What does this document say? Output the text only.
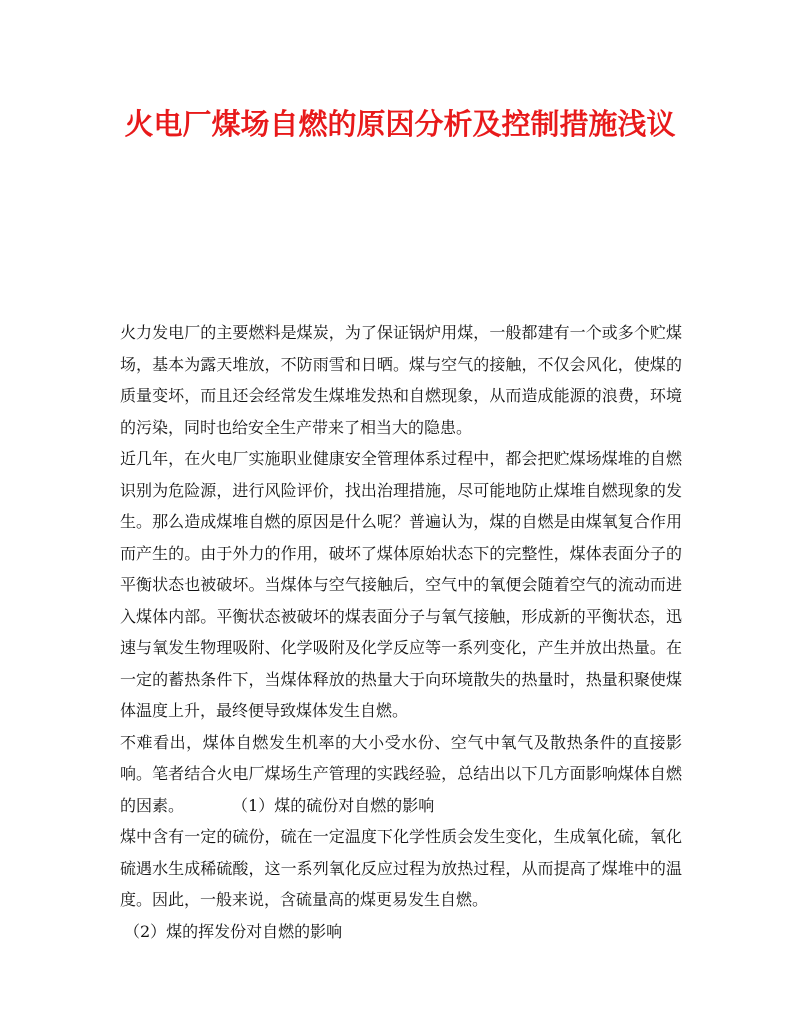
火电厂煤场自燃的原因分析及控制措施浅议

火力发电厂的主要燃料是煤炭，为了保证锅炉用煤，一般都建有一个或多个贮煤场，基本为露天堆放，不防雨雪和日晒。煤与空气的接触，不仅会风化，使煤的质量变坏，而且还会经常发生煤堆发热和自燃现象，从而造成能源的浪费，环境的污染，同时也给安全生产带来了相当大的隐患。

近几年，在火电厂实施职业健康安全管理体系过程中，都会把贮煤场煤堆的自燃识别为危险源，进行风险评价，找出治理措施，尽可能地防止煤堆自燃现象的发生。那么造成煤堆自燃的原因是什么呢？普遍认为，煤的自燃是由煤氧复合作用而产生的。由于外力的作用，破坏了煤体原始状态下的完整性，煤体表面分子的平衡状态也被破坏。当煤体与空气接触后，空气中的氧便会随着空气的流动而进入煤体内部。平衡状态被破坏的煤表面分子与氧气接触，形成新的平衡状态，迅速与氧发生物理吸附、化学吸附及化学反应等一系列变化，产生并放出热量。在一定的蓄热条件下，当煤体释放的热量大于向环境散失的热量时，热量积聚使煤体温度上升，最终便导致煤体发生自燃。

不难看出，煤体自燃发生机率的大小受水份、空气中氧气及散热条件的直接影响。笔者结合火电厂煤场生产管理的实践经验，总结出以下几方面影响煤体自燃的因素。	（1）煤的硫份对自燃的影响

煤中含有一定的硫份，硫在一定温度下化学性质会发生变化，生成氧化硫，氧化硫遇水生成稀硫酸，这一系列氧化反应过程为放热过程，从而提高了煤堆中的温度。因此，一般来说，含硫量高的煤更易发生自燃。

（2）煤的挥发份对自燃的影响
